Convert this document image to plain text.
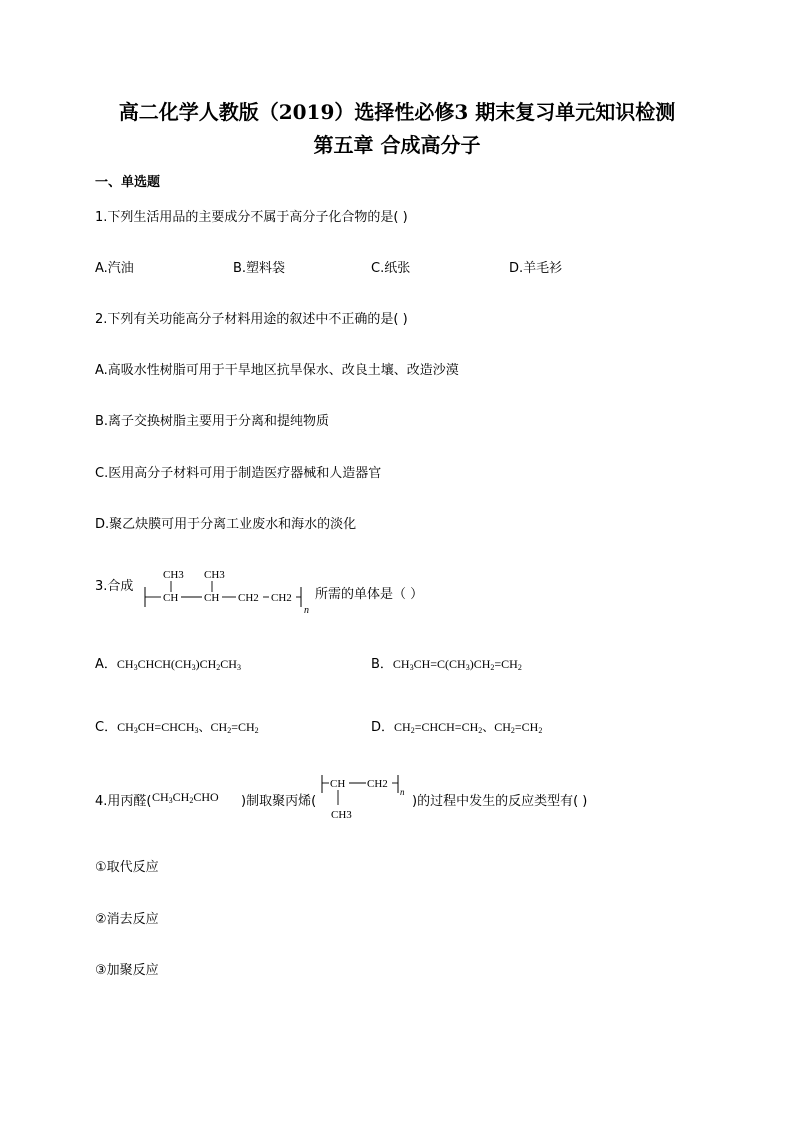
高二化学人教版（2019）选择性必修3 期末复习单元知识检测
第五章 合成高分子
一、单选题
1.下列生活用品的主要成分不属于高分子化合物的是( )
A.汽油	B.塑料袋	C.纸张	D.羊毛衫
2.下列有关功能高分子材料用途的叙述中不正确的是( )
A.高吸水性树脂可用于干旱地区抗旱保水、改良土壤、改造沙漠
B.离子交换树脂主要用于分离和提纯物质
C.医用高分子材料可用于制造医疗器械和人造器官
D.聚乙炔膜可用于分离工业废水和海水的淡化
3.合成
CH3 CH3
CH CH CH2 CH2
n
所需的单体是（ ）
A．$CH_3CHCH(CH_3)CH_2CH_3$	B．$CH_3CH=C(CH_3)CH_2=CH_2$
C．$CH_3CH=CHCH_3$、$CH_2=CH_2$	D．$CH_2=CHCH=CH_2$、$CH_2=CH_2$
4.用丙醛( $CH_3CH_2CHO$ )制取聚丙烯(
CH CH2
n
CH3
)的过程中发生的反应类型有( )
①取代反应
②消去反应
③加聚反应
